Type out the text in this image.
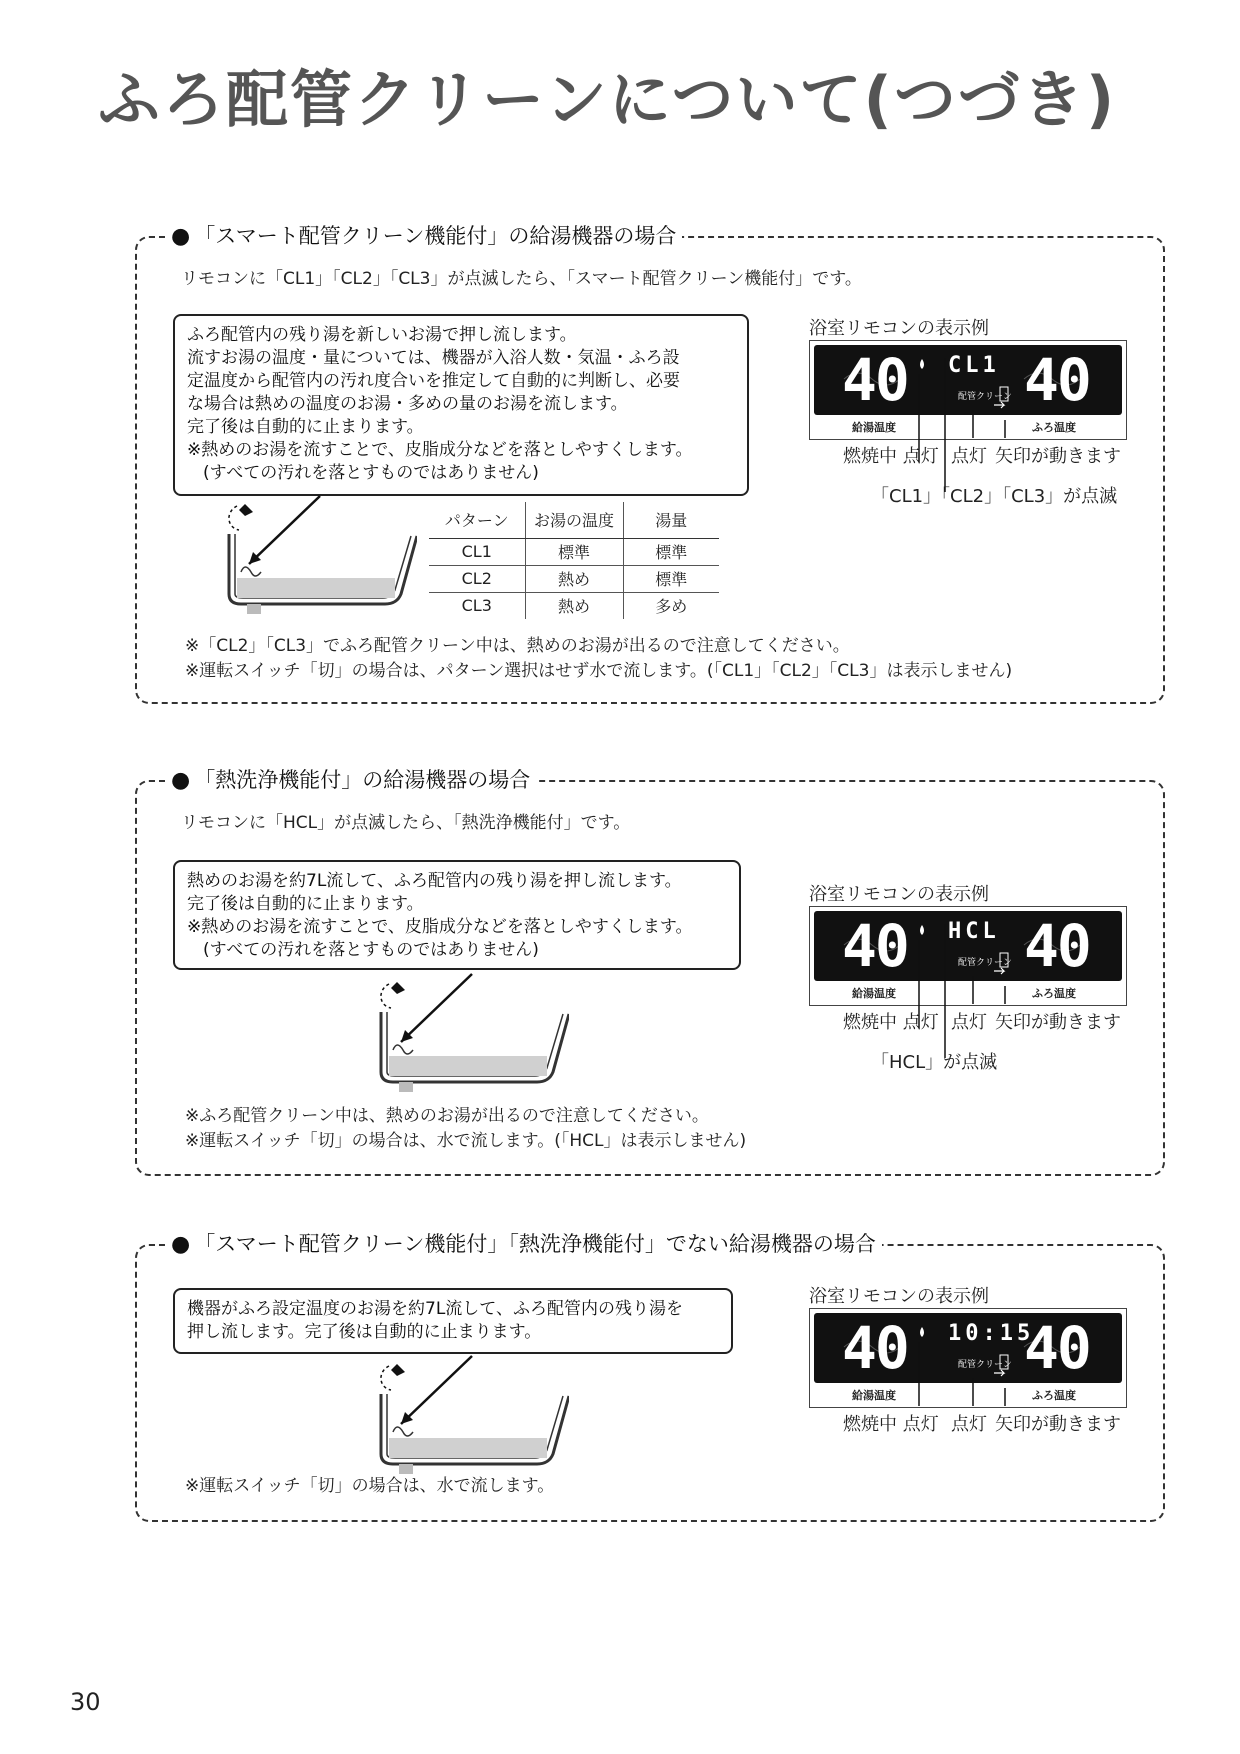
ふろ配管クリーンについて(つづき)
● 「スマート配管クリーン機能付」の給湯機器の場合
リモコンに「CL1」「CL2」「CL3」が点滅したら、「スマート配管クリーン機能付」です。
ふろ配管内の残り湯を新しいお湯で押し流します。
流すお湯の温度・量については、機器が入浴人数・気温・ふろ設
定温度から配管内の汚れ度合いを推定して自動的に判断し、必要
な場合は熱めの温度のお湯・多めの量のお湯を流します。
完了後は自動的に止まります。
※熱めのお湯を流すことで、皮脂成分などを落としやすくします。
(すべての汚れを落とすものではありません)
パターン	お湯の温度	湯量
CL1	標準	標準
CL2	熱め	標準
CL3	熱め	多め
浴室リモコンの表示例
40 CL1
配管クリーン 40
給湯温度	ふろ温度
燃焼中 点灯 点灯 矢印が動きます
「CL1」「CL2」「CL3」が点滅
※「CL2」「CL3」でふろ配管クリーン中は、熱めのお湯が出るので注意してください。
※運転スイッチ「切」の場合は、パターン選択はせず水で流します。(「CL1」「CL2」「CL3」は表示しません)
● 「熱洗浄機能付」の給湯機器の場合
リモコンに「HCL」が点滅したら、「熱洗浄機能付」です。
熱めのお湯を約7L流して、ふろ配管内の残り湯を押し流します。
完了後は自動的に止まります。
※熱めのお湯を流すことで、皮脂成分などを落としやすくします。
(すべての汚れを落とすものではありません)
浴室リモコンの表示例
40 HCL
配管クリーン 40
給湯温度	ふろ温度
燃焼中 点灯 点灯 矢印が動きます
「HCL」が点滅
※ふろ配管クリーン中は、熱めのお湯が出るので注意してください。
※運転スイッチ「切」の場合は、水で流します。(「HCL」は表示しません)
● 「スマート配管クリーン機能付」「熱洗浄機能付」でない給湯機器の場合
機器がふろ設定温度のお湯を約7L流して、ふろ配管内の残り湯を
押し流します。完了後は自動的に止まります。
浴室リモコンの表示例
40 10:15
配管クリーン 40
給湯温度	ふろ温度
燃焼中 点灯 点灯 矢印が動きます
※運転スイッチ「切」の場合は、水で流します。
30
